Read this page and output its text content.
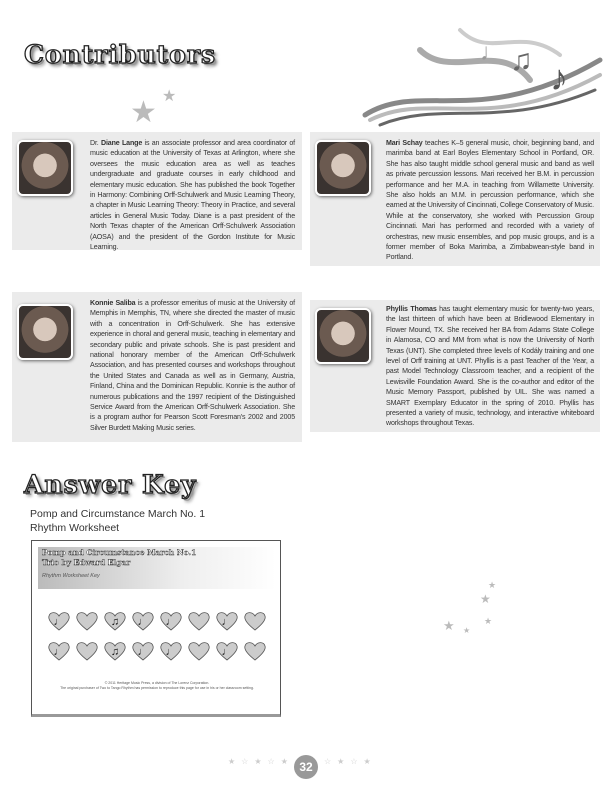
Contributors	♫ ♪
♩
★ ★
Dr. Diane Lange is an associate professor and area coordinator of music education at the University of Texas at Arlington, where she oversees the music education area as well as teaches undergraduate and graduate courses in early childhood and elementary music education. She has published the book Together in Harmony: Combining Orff-Schulwerk and Music Learning Theory, a chapter in Music Learning Theory: Theory in Practice, and several articles in General Music Today. Diane is a past president of the North Texas chapter of the American Orff-Schulwerk Association (AOSA) and the president of the Gordon Institute for Music Learning.
Mari Schay teaches K–5 general music, choir, beginning band, and marimba band at Earl Boyles Elementary School in Portland, OR. She has also taught middle school general music and band as well as private percussion lessons. Mari received her B.M. in percussion performance and her M.A. in teaching from Willamette University. She also holds an M.M. in percussion performance, which she earned at the University of Cincinnati, College Conservatory of Music. While at the conservatory, she worked with Percussion Group Cincinnati. Mari has performed and recorded with a variety of orchestras, new music ensembles, and pop music groups, and is a former member of Boka Marimba, a Zimbabwean-style band in Portland.
Konnie Saliba is a professor emeritus of music at the University of Memphis in Memphis, TN, where she directed the master of music with a concentration in Orff-Schulwerk. She has extensive experience in choral and general music, teaching in elementary and secondary public and private schools. She is past president and national honorary member of the American Orff-Schulwerk Association, and has presented courses and workshops throughout the United States and Canada as well as in Germany, Austria, Finland, China and the Dominican Republic. Konnie is the author of numerous publications and the 1997 recipient of the Distinguished Service Award from the American Orff-Schulwerk Association. She is a program author for Pearson Scott Foresman's 2002 and 2005 Silver Burdett Making Music series.
Phyllis Thomas has taught elementary music for twenty-two years, the last thirteen of which have been at Bridlewood Elementary in Flower Mound, TX. She received her BA from Adams State College in Alamosa, CO and MM from what is now the University of North Texas (UNT). She completed three levels of Kodály training and one level of Orff training at UNT. Phyllis is a past Teacher of the Year, a past Model Technology Classroom teacher, and a recipient of the Lewisville Foundation Award. She is the co-author and editor of the Music Memory Passport, published by UIL. She was named a SMART Exemplary Educator in the spring of 2010. Phyllis has presented a variety of music, technology, and interactive whiteboard workshops throughout Texas.
Answer Key
Pomp and Circumstance March No. 1
Rhythm Worksheet
Pomp and Circumstance March No.1
Trio by Edward Elgar
Rhythm Worksheet Key
♩	♫ ♩ ♩	♩
♩	♫ ♩ ♩	♩
© 2011 Heritage Music Press, a division of The Lorenz Corporation.
The original purchaser of Two to Tango Rhythm has permission to reproduce this page for use in his or her classroom setting.
★
★
★ ★
★
★☆★☆★	☆★☆★
32
